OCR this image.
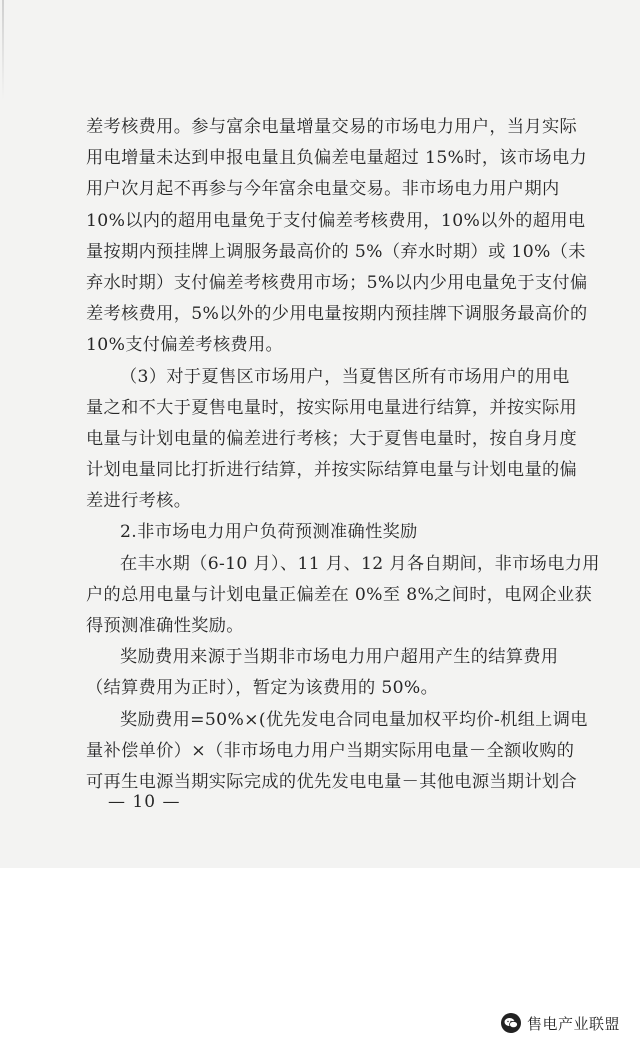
差考核费用。参与富余电量增量交易的市场电力用户，当月实际
用电增量未达到申报电量且负偏差电量超过 15%时，该市场电力
用户次月起不再参与今年富余电量交易。非市场电力用户期内
10%以内的超用电量免于支付偏差考核费用，10%以外的超用电
量按期内预挂牌上调服务最高价的 5%（弃水时期）或 10%（未
弃水时期）支付偏差考核费用市场；5%以内少用电量免于支付偏
差考核费用，5%以外的少用电量按期内预挂牌下调服务最高价的
10%支付偏差考核费用。
（3）对于夏售区市场用户，当夏售区所有市场用户的用电
量之和不大于夏售电量时，按实际用电量进行结算，并按实际用
电量与计划电量的偏差进行考核；大于夏售电量时，按自身月度
计划电量同比打折进行结算，并按实际结算电量与计划电量的偏
差进行考核。
2.非市场电力用户负荷预测准确性奖励
在丰水期（6-10 月）、11 月、12 月各自期间，非市场电力用
户的总用电量与计划电量正偏差在 0%至 8%之间时，电网企业获
得预测准确性奖励。
奖励费用来源于当期非市场电力用户超用产生的结算费用
（结算费用为正时），暂定为该费用的 50%。
奖励费用=50%×(优先发电合同电量加权平均价-机组上调电
量补偿单价）×（非市场电力用户当期实际用电量－全额收购的
可再生电源当期实际完成的优先发电电量－其他电源当期计划合
— 10 —
售电产业联盟
